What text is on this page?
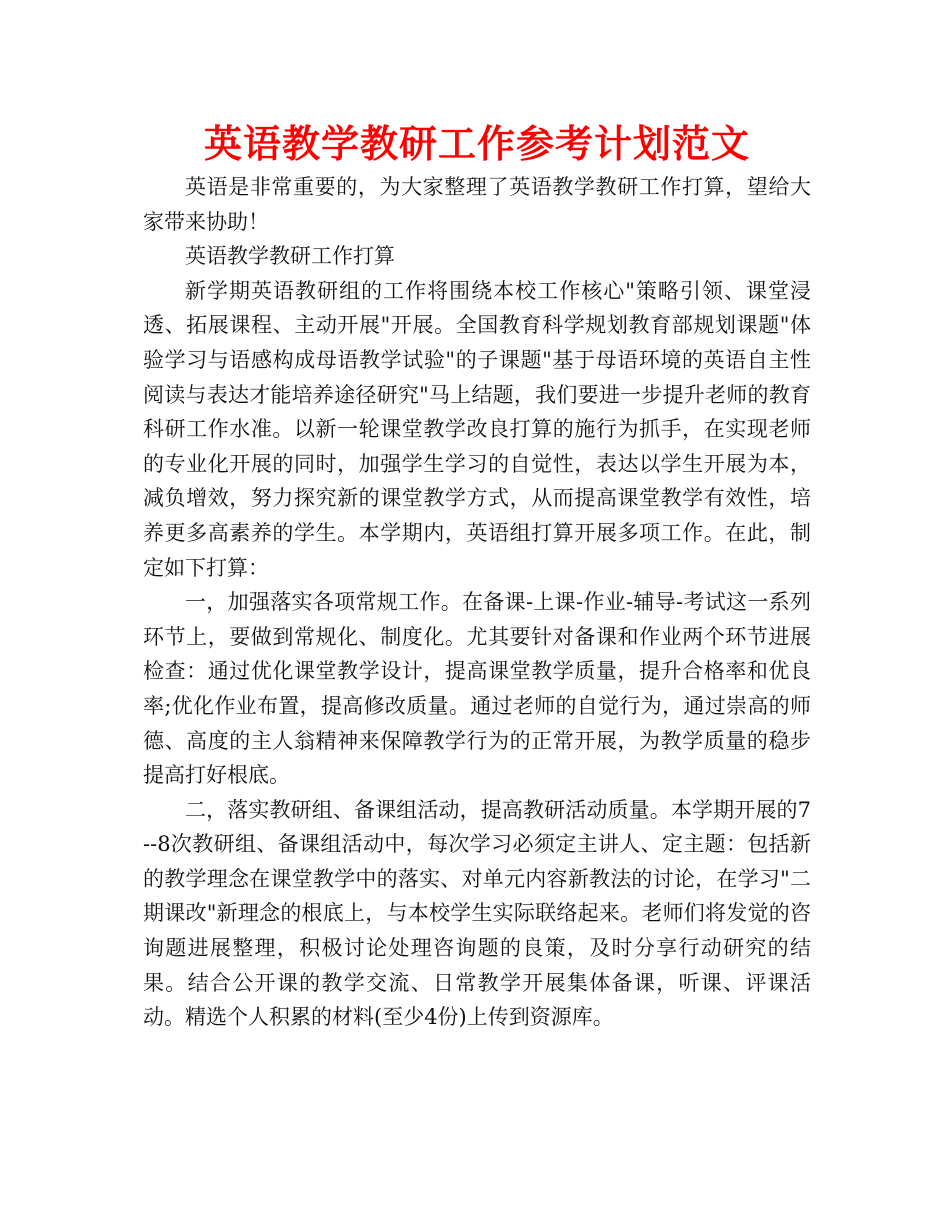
英语教学教研工作参考计划范文

英语是非常重要的，为大家整理了英语教学教研工作打算，望给大家带来协助！

英语教学教研工作打算

新学期英语教研组的工作将围绕本校工作核心"策略引领、课堂浸透、拓展课程、主动开展"开展。全国教育科学规划教育部规划课题"体验学习与语感构成母语教学试验"的子课题"基于母语环境的英语自主性阅读与表达才能培养途径研究"马上结题，我们要进一步提升老师的教育科研工作水准。以新一轮课堂教学改良打算的施行为抓手，在实现老师的专业化开展的同时，加强学生学习的自觉性，表达以学生开展为本，减负增效，努力探究新的课堂教学方式，从而提高课堂教学有效性，培养更多高素养的学生。本学期内，英语组打算开展多项工作。在此，制定如下打算：

一，加强落实各项常规工作。在备课-上课-作业-辅导-考试这一系列环节上，要做到常规化、制度化。尤其要针对备课和作业两个环节进展检查：通过优化课堂教学设计，提高课堂教学质量，提升合格率和优良率;优化作业布置，提高修改质量。通过老师的自觉行为，通过崇高的师德、高度的主人翁精神来保障教学行为的正常开展，为教学质量的稳步提高打好根底。

二，落实教研组、备课组活动，提高教研活动质量。本学期开展的7--8次教研组、备课组活动中，每次学习必须定主讲人、定主题：包括新的教学理念在课堂教学中的落实、对单元内容新教法的讨论，在学习"二期课改"新理念的根底上，与本校学生实际联络起来。老师们将发觉的咨询题进展整理，积极讨论处理咨询题的良策，及时分享行动研究的结果。结合公开课的教学交流、日常教学开展集体备课，听课、评课活动。精选个人积累的材料(至少4份)上传到资源库。
